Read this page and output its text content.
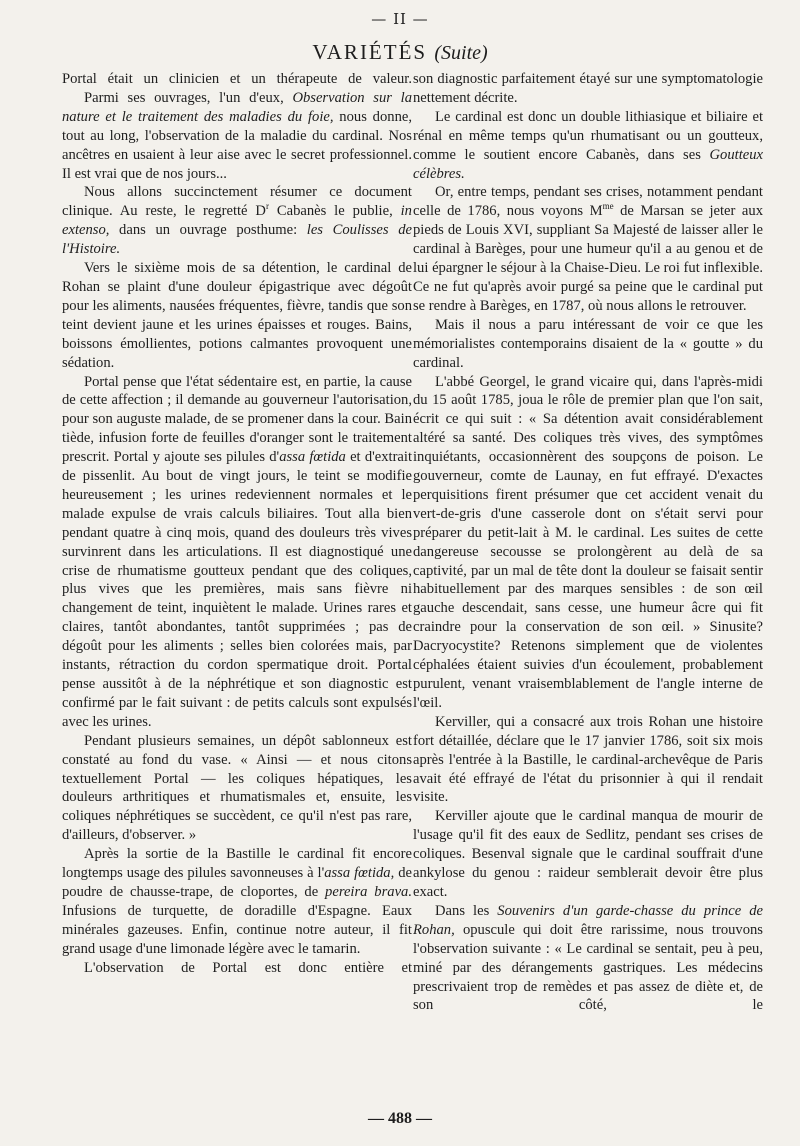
— II —
VARIÉTÉS (Suite)

Portal était un clinicien et un thérapeute de valeur.

Parmi ses ouvrages, l'un d'eux, Observation sur la nature et le traitement des maladies du foie, nous donne, tout au long, l'observation de la maladie du cardinal. Nos ancêtres en usaient à leur aise avec le secret professionnel. Il est vrai que de nos jours...

Nous allons succinctement résumer ce document clinique. Au reste, le regretté $D^r$ Cabanès le publie, in extenso, dans un ouvrage posthume: les Coulisses de l'Histoire.

Vers le sixième mois de sa détention, le cardinal de Rohan se plaint d'une douleur épigastrique avec dégoût pour les aliments, nausées fréquentes, fièvre, tandis que son teint devient jaune et les urines épaisses et rouges. Bains, boissons émollientes, potions calmantes provoquent une sédation.

Portal pense que l'état sédentaire est, en partie, la cause de cette affection ; il demande au gouverneur l'autorisation, pour son auguste malade, de se promener dans la cour. Bain tiède, infusion forte de feuilles d'oranger sont le traitement prescrit. Portal y ajoute ses pilules d'assa fœtida et d'extrait de pissenlit. Au bout de vingt jours, le teint se modifie heureusement ; les urines redeviennent normales et le malade expulse de vrais calculs biliaires. Tout alla bien pendant quatre à cinq mois, quand des douleurs très vives survinrent dans les articulations. Il est diagnostiqué une crise de rhumatisme goutteux pendant que des coliques, plus vives que les premières, mais sans fièvre ni changement de teint, inquiètent le malade. Urines rares et claires, tantôt abondantes, tantôt supprimées ; pas de dégoût pour les aliments ; selles bien colorées mais, par instants, rétraction du cordon spermatique droit. Portal pense aussitôt à de la néphrétique et son diagnostic est confirmé par le fait suivant : de petits calculs sont expulsés avec les urines.

Pendant plusieurs semaines, un dépôt sablonneux est constaté au fond du vase. « Ainsi — et nous citons textuellement Portal — les coliques hépatiques, les douleurs arthritiques et rhumatismales et, ensuite, les coliques néphrétiques se succèdent, ce qu'il n'est pas rare, d'ailleurs, d'observer. »

Après la sortie de la Bastille le cardinal fit encore longtemps usage des pilules savonneuses à l'assa fœtida, de poudre de chausse-trape, de cloportes, de pereira brava. Infusions de turquette, de doradille d'Espagne. Eaux minérales gazeuses. Enfin, continue notre auteur, il fit grand usage d'une limonade légère avec le tamarin.

L'observation de Portal est donc entière et

son diagnostic parfaitement étayé sur une symptomatologie nettement décrite.

Le cardinal est donc un double lithiasique et biliaire et rénal en même temps qu'un rhumatisant ou un goutteux, comme le soutient encore Cabanès, dans ses Goutteux célèbres.

Or, entre temps, pendant ses crises, notamment pendant celle de 1786, nous voyons $M^{me}$ de Marsan se jeter aux pieds de Louis XVI, suppliant Sa Majesté de laisser aller le cardinal à Barèges, pour une humeur qu'il a au genou et de lui épargner le séjour à la Chaise-Dieu. Le roi fut inflexible. Ce ne fut qu'après avoir purgé sa peine que le cardinal put se rendre à Barèges, en 1787, où nous allons le retrouver.

Mais il nous a paru intéressant de voir ce que les mémorialistes contemporains disaient de la « goutte » du cardinal.

L'abbé Georgel, le grand vicaire qui, dans l'après-midi du 15 août 1785, joua le rôle de premier plan que l'on sait, écrit ce qui suit : « Sa détention avait considérablement altéré sa santé. Des coliques très vives, des symptômes inquiétants, occasionnèrent des soupçons de poison. Le gouverneur, comte de Launay, en fut effrayé. D'exactes perquisitions firent présumer que cet accident venait du vert-de-gris d'une casserole dont on s'était servi pour préparer du petit-lait à M. le cardinal. Les suites de cette dangereuse secousse se prolongèrent au delà de sa captivité, par un mal de tête dont la douleur se faisait sentir habituellement par des marques sensibles : de son œil gauche descendait, sans cesse, une humeur âcre qui fit craindre pour la conservation de son œil. » Sinusite? Dacryocystite? Retenons simplement que de violentes céphalées étaient suivies d'un écoulement, probablement purulent, venant vraisemblablement de l'angle interne de l'œil.

Kerviller, qui a consacré aux trois Rohan une histoire fort détaillée, déclare que le 17 janvier 1786, soit six mois après l'entrée à la Bastille, le cardinal-archevêque de Paris avait été effrayé de l'état du prisonnier à qui il rendait visite.

Kerviller ajoute que le cardinal manqua de mourir de l'usage qu'il fit des eaux de Sedlitz, pendant ses crises de coliques. Besenval signale que le cardinal souffrait d'une ankylose du genou : raideur semblerait devoir être plus exact.

Dans les Souvenirs d'un garde-chasse du prince de Rohan, opuscule qui doit être rarissime, nous trouvons l'observation suivante : « Le cardinal se sentait, peu à peu, miné par des dérangements gastriques. Les médecins prescrivaient trop de remèdes et pas assez de diète et, de son côté, le

— 488 —
